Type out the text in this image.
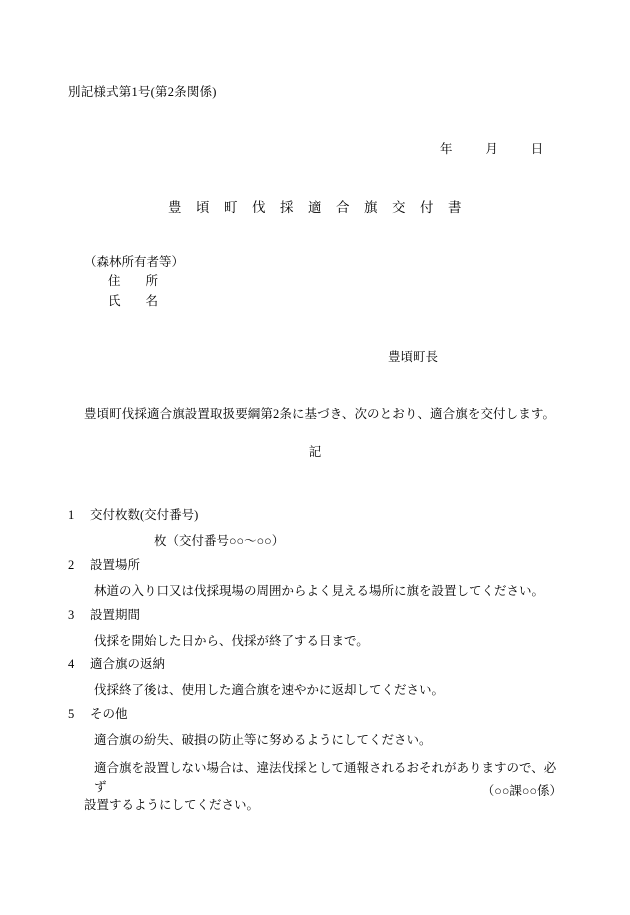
別記様式第1号(第2条関係)
年	月	日
豊　頃　町　伐　採　適　合　旗　交　付　書
（森林所有者等）
住　　所
氏　　名
豊頃町長
豊頃町伐採適合旗設置取扱要綱第2条に基づき、次のとおり、適合旗を交付します。
記
1 交付枚数(交付番号)
枚（交付番号○○〜○○）
2 設置場所
林道の入り口又は伐採現場の周囲からよく見える場所に旗を設置してください。
3 設置期間
伐採を開始した日から、伐採が終了する日まで。
4 適合旗の返納
伐採終了後は、使用した適合旗を速やかに返却してください。
5 その他
適合旗の紛失、破損の防止等に努めるようにしてください。
適合旗を設置しない場合は、違法伐採として通報されるおそれがありますので、必ず
設置するようにしてください。
（○○課○○係）
